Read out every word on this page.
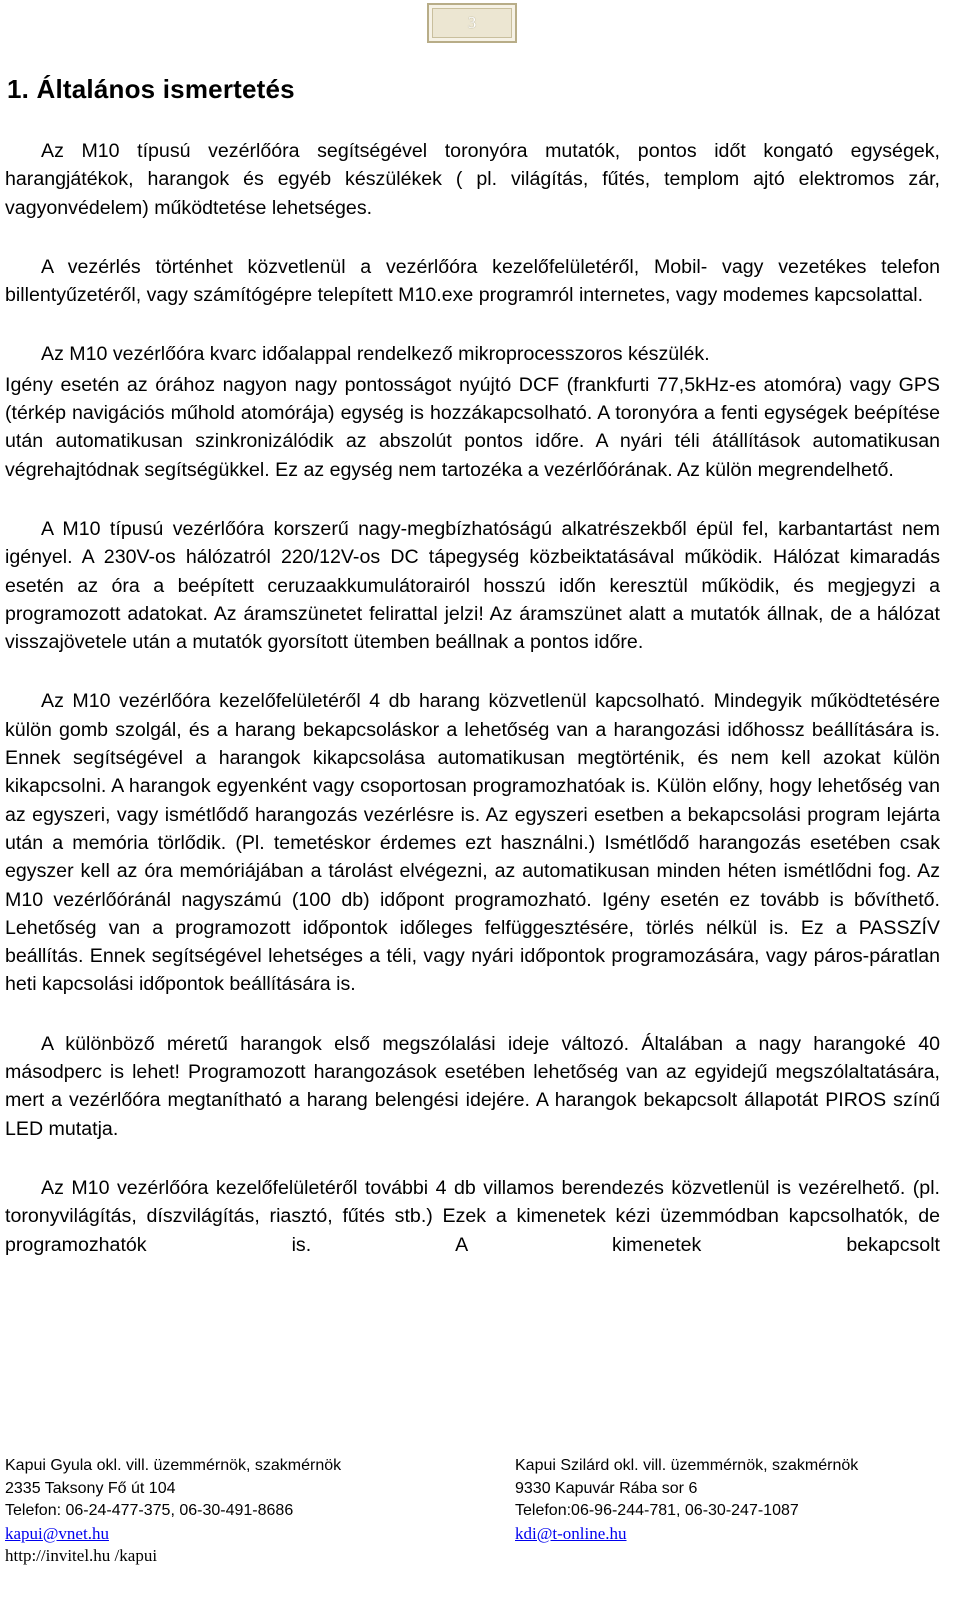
3
1. Általános ismertetés

Az M10 típusú vezérlőóra segítségével toronyóra mutatók, pontos időt kongató egységek, harangjátékok, harangok és egyéb készülékek ( pl. világítás, fűtés, templom ajtó elektromos zár, vagyonvédelem) működtetése lehetséges.

A vezérlés történhet közvetlenül a vezérlőóra kezelőfelületéről, Mobil- vagy vezetékes telefon billentyűzetéről, vagy számítógépre telepített M10.exe programról internetes, vagy modemes kapcsolattal.

Az M10 vezérlőóra kvarc időalappal rendelkező mikroprocesszoros készülék.

Igény esetén az órához nagyon nagy pontosságot nyújtó DCF (frankfurti 77,5kHz-es atomóra) vagy GPS (térkép navigációs műhold atomórája) egység is hozzákapcsolható. A toronyóra a fenti egységek beépítése után automatikusan szinkronizálódik az abszolút pontos időre. A nyári téli átállítások automatikusan végrehajtódnak segítségükkel. Ez az egység nem tartozéka a vezérlőórának. Az külön megrendelhető.

A M10 típusú vezérlőóra korszerű nagy-megbízhatóságú alkatrészekből épül fel, karbantartást nem igényel. A 230V-os hálózatról 220/12V-os DC tápegység közbeiktatásával működik. Hálózat kimaradás esetén az óra a beépített ceruzaakkumulátorairól hosszú időn keresztül működik, és megjegyzi a programozott adatokat. Az áramszünetet felirattal jelzi! Az áramszünet alatt a mutatók állnak, de a hálózat visszajövetele után a mutatók gyorsított ütemben beállnak a pontos időre.

Az M10 vezérlőóra kezelőfelületéről 4 db harang közvetlenül kapcsolható. Mindegyik működtetésére külön gomb szolgál, és a harang bekapcsoláskor a lehetőség van a harangozási időhossz beállítására is. Ennek segítségével a harangok kikapcsolása automatikusan megtörténik, és nem kell azokat külön kikapcsolni. A harangok egyenként vagy csoportosan programozhatóak is. Külön előny, hogy lehetőség van az egyszeri, vagy ismétlődő harangozás vezérlésre is. Az egyszeri esetben a bekapcsolási program lejárta után a memória törlődik. (Pl. temetéskor érdemes ezt használni.) Ismétlődő harangozás esetében csak egyszer kell az óra memóriájában a tárolást elvégezni, az automatikusan minden héten ismétlődni fog. Az M10 vezérlőóránál nagyszámú (100 db) időpont programozható. Igény esetén ez tovább is bővíthető. Lehetőség van a programozott időpontok időleges felfüggesztésére, törlés nélkül is. Ez a PASSZÍV beállítás. Ennek segítségével lehetséges a téli, vagy nyári időpontok programozására, vagy páros-páratlan heti kapcsolási időpontok beállítására is.

A különböző méretű harangok első megszólalási ideje változó. Általában a nagy harangoké 40 másodperc is lehet! Programozott harangozások esetében lehetőség van az egyidejű megszólaltatására, mert a vezérlőóra megtanítható a harang belengési idejére. A harangok bekapcsolt állapotát PIROS színű LED mutatja.

Az M10 vezérlőóra kezelőfelületéről további 4 db villamos berendezés közvetlenül is vezérelhető. (pl. toronyvilágítás, díszvilágítás, riasztó, fűtés stb.) Ezek a kimenetek kézi üzemmódban kapcsolhatók, de programozhatók is. A kimenetek bekapcsolt

Kapui Gyula okl. vill. üzemmérnök, szakmérnök
2335 Taksony Fő út 104
Telefon: 06-24-477-375, 06-30-491-8686
kapui@vnet.hu
http://invitel.hu /kapui
Kapui Szilárd okl. vill. üzemmérnök, szakmérnök
9330 Kapuvár Rába sor 6
Telefon:06-96-244-781, 06-30-247-1087
kdi@t-online.hu
